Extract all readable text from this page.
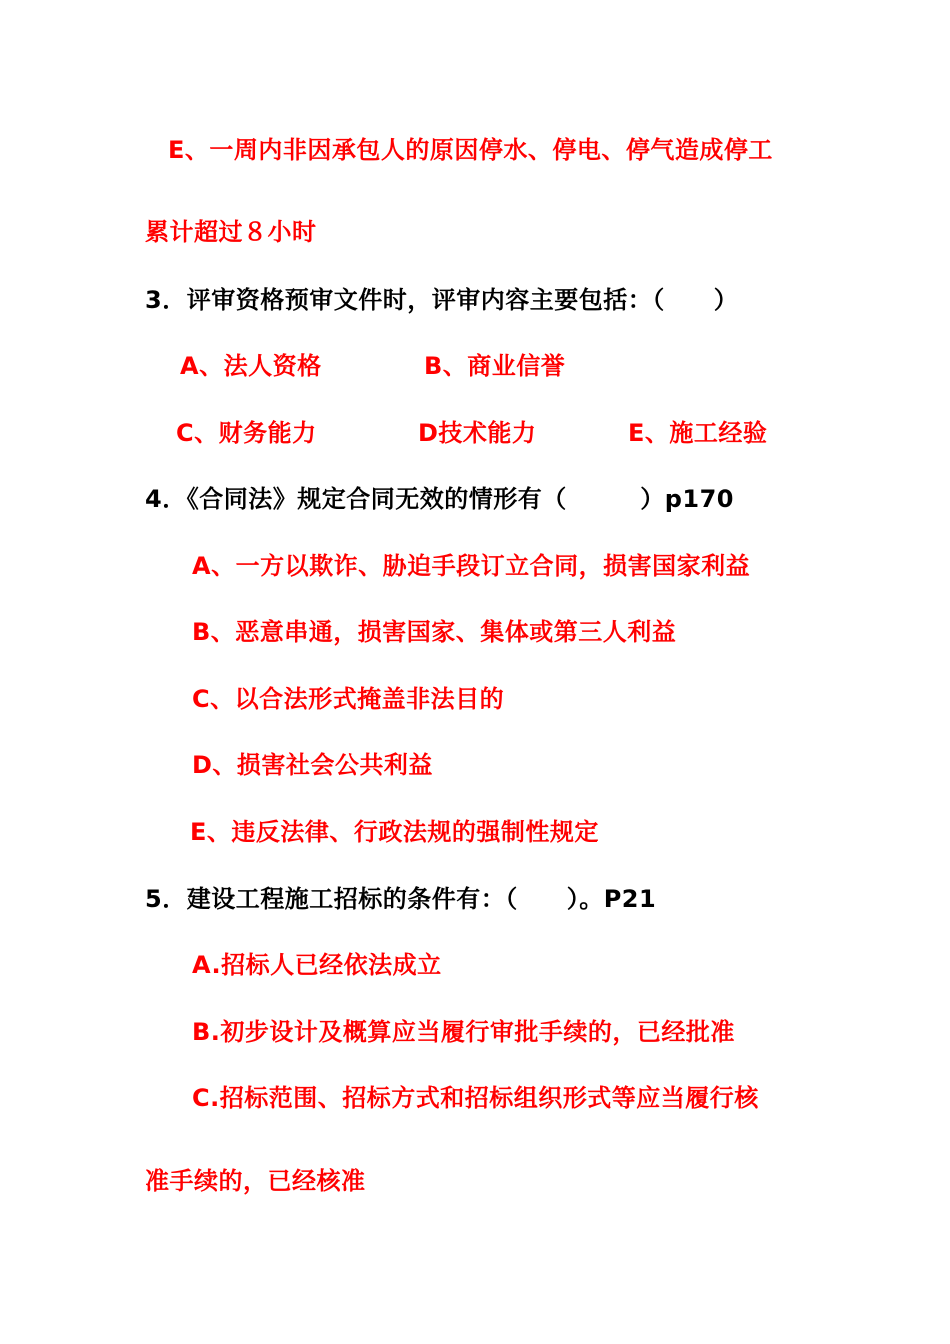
E、一周内非因承包人的原因停水、停电、停气造成停工
累计超过８小时
3．评审资格预审文件时，评审内容主要包括：（　　）
A、法人资格	B、商业信誉
C、财务能力	D技术能力	E、施工经验
4．《合同法》规定合同无效的情形有（　　　）p170
A、一方以欺诈、胁迫手段订立合同，损害国家利益
B、恶意串通，损害国家、集体或第三人利益
C、以合法形式掩盖非法目的
D、损害社会公共利益
E、违反法律、行政法规的强制性规定
5．建设工程施工招标的条件有：（　　）。P21
A.招标人已经依法成立
B.初步设计及概算应当履行审批手续的，已经批准
C.招标范围、招标方式和招标组织形式等应当履行核
准手续的，已经核准
